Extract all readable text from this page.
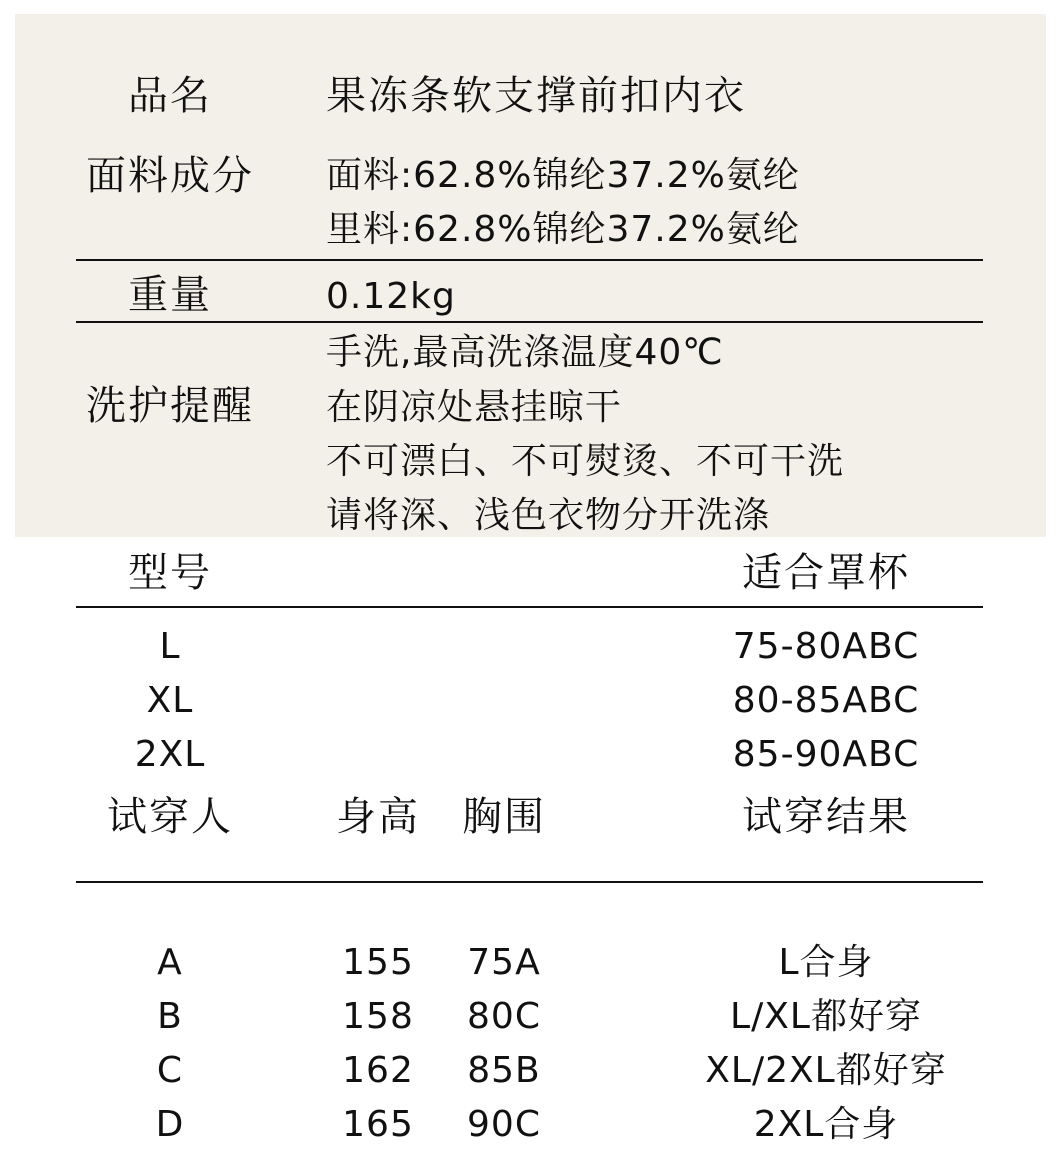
品名	果冻条软支撑前扣内衣
面料成分 面料:62.8%锦纶37.2%氨纶
里料:62.8%锦纶37.2%氨纶
重量	0.12kg
洗护提醒
手洗,最高洗涤温度40℃
在阴凉处悬挂晾干
不可漂白、不可熨烫、不可干洗
请将深、浅色衣物分开洗涤
型号	适合罩杯
L	75-80ABC
XL	80-85ABC
2XL	85-90ABC
试穿人	身高 胸围	试穿结果
A	155 75A	L合身
B	158 80C	L/XL都好穿
C	162 85B	XL/2XL都好穿
D	165 90C	2XL合身
